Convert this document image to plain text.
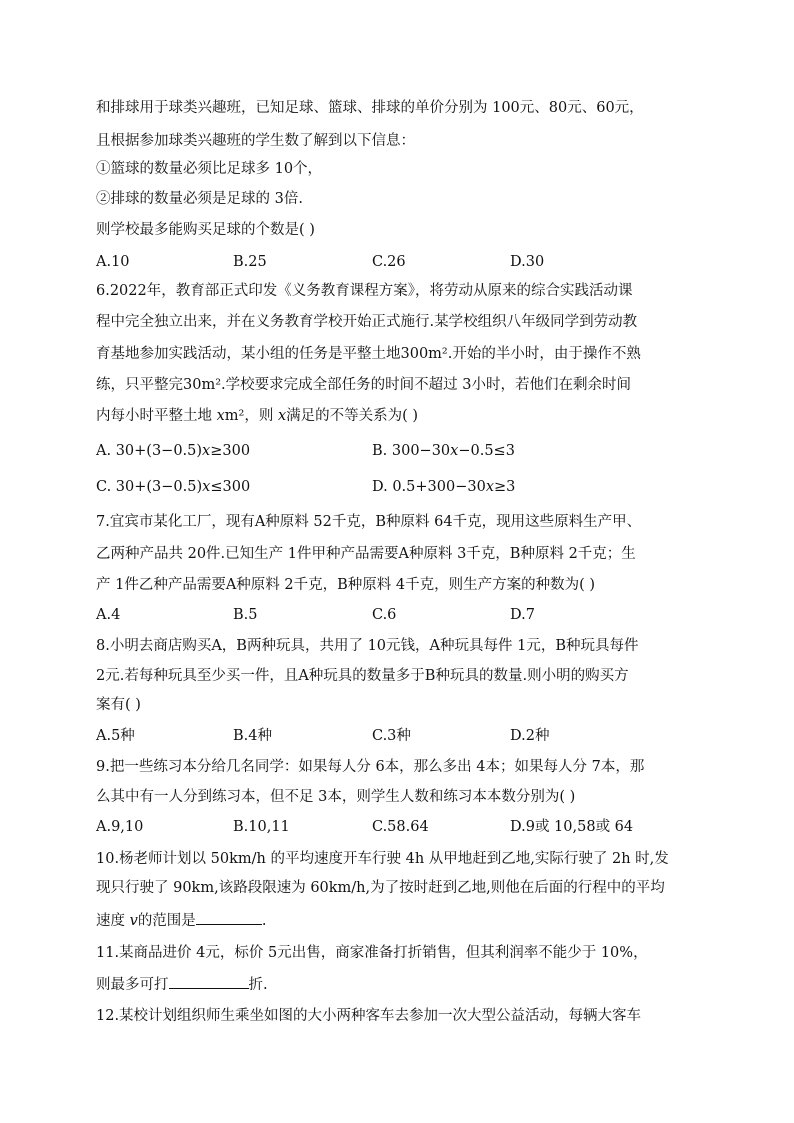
和排球用于球类兴趣班，已知足球、篮球、排球的单价分别为 100元、80元、60元，
且根据参加球类兴趣班的学生数了解到以下信息：
①篮球的数量必须比足球多 10个，
②排球的数量必须是足球的 3倍.
则学校最多能购买足球的个数是( )
A.10	B.25	C.26	D.30
6.2022年，教育部正式印发《义务教育课程方案》，将劳动从原来的综合实践活动课
程中完全独立出来，并在义务教育学校开始正式施行.某学校组织八年级同学到劳动教
育基地参加实践活动，某小组的任务是平整土地300m².开始的半小时，由于操作不熟
练，只平整完30m².学校要求完成全部任务的时间不超过 3小时，若他们在剩余时间
内每小时平整土地 xm²，则 x满足的不等关系为( )
A. 30+(3−0.5)x≥300	B. 300−30x−0.5≤3
C. 30+(3−0.5)x≤300	D. 0.5+300−30x≥3
7.宜宾市某化工厂，现有A种原料 52千克，B种原料 64千克，现用这些原料生产甲、
乙两种产品共 20件.已知生产 1件甲种产品需要A种原料 3千克，B种原料 2千克；生
产 1件乙种产品需要A种原料 2千克，B种原料 4千克，则生产方案的种数为( )
A.4	B.5	C.6	D.7
8.小明去商店购买A，B两种玩具，共用了 10元钱，A种玩具每件 1元，B种玩具每件
2元.若每种玩具至少买一件，且A种玩具的数量多于B种玩具的数量.则小明的购买方
案有( )
A.5种	B.4种	C.3种	D.2种
9.把一些练习本分给几名同学：如果每人分 6本，那么多出 4本；如果每人分 7本，那
么其中有一人分到练习本，但不足 3本，则学生人数和练习本本数分别为( )
A.9,10	B.10,11	C.58.64	D.9或 10,58或 64
10.杨老师计划以 50km/h 的平均速度开车行驶 4h 从甲地赶到乙地,实际行驶了 2h 时,发
现只行驶了 90km,该路段限速为 60km/h,为了按时赶到乙地,则他在后面的行程中的平均
速度 v的范围是	.
11.某商品进价 4元，标价 5元出售，商家准备打折销售，但其利润率不能少于 10%，
则最多可打	折.
12.某校计划组织师生乘坐如图的大小两种客车去参加一次大型公益活动，每辆大客车
